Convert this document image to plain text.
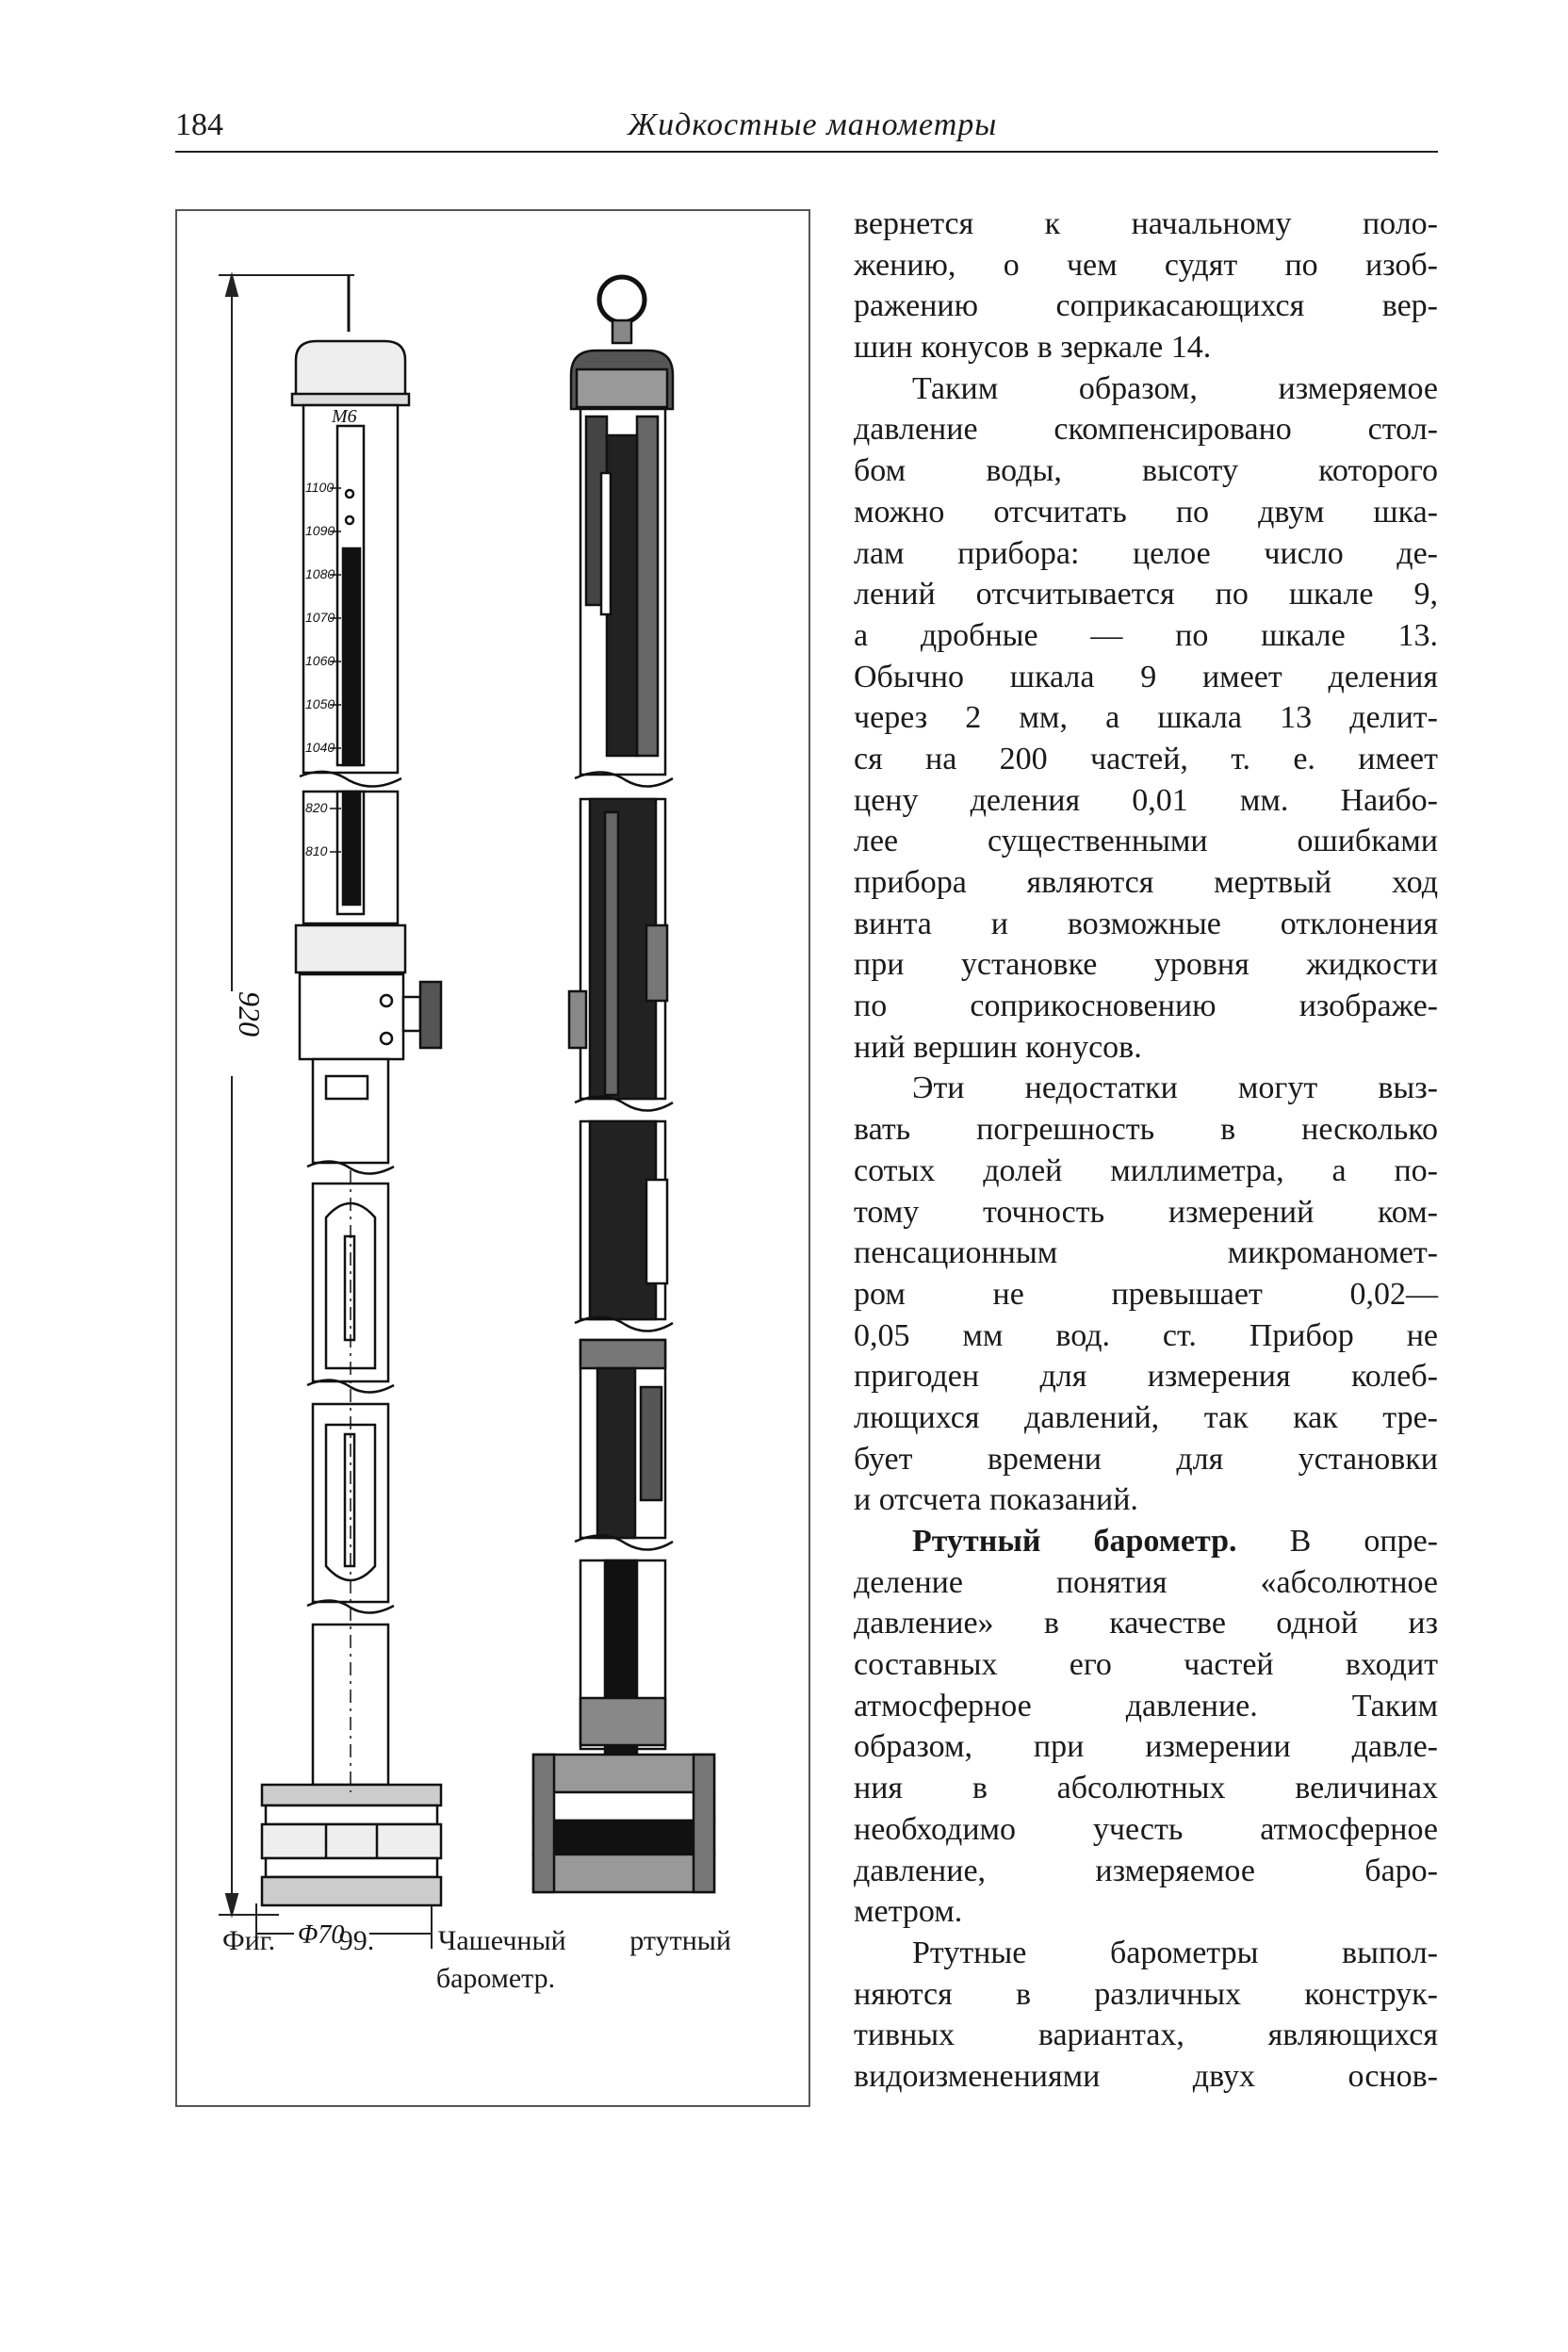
184	Жидкостные манометры
920
Φ70
М6
1100
1090
1080
1070
1060
1050
1040
820
810
Фиг. 99. Чашечный ртутный
барометр.
вернется к начальному поло-
жению, о чем судят по изоб-
ражению соприкасающихся вер-
шин конусов в зеркале 14.
Таким образом, измеряемое
давление скомпенсировано стол-
бом воды, высоту которого
можно отсчитать по двум шка-
лам прибора: целое число де-
лений отсчитывается по шкале 9,
а дробные — по шкале 13.
Обычно шкала 9 имеет деления
через 2 мм, а шкала 13 делит-
ся на 200 частей, т. е. имеет
цену деления 0,01 мм. Наибо-
лее существенными ошибками
прибора являются мертвый ход
винта и возможные отклонения
при установке уровня жидкости
по соприкосновению изображе-
ний вершин конусов.
Эти недостатки могут выз-
вать погрешность в несколько
сотых долей миллиметра, а по-
тому точность измерений ком-
пенсационным микроманомет-
ром не превышает 0,02—
0,05 мм вод. ст. Прибор не
пригоден для измерения колеб-
лющихся давлений, так как тре-
бует времени для установки
и отсчета показаний.
Ртутный барометр. В опре-
деление понятия «абсолютное
давление» в качестве одной из
составных его частей входит
атмосферное давление. Таким
образом, при измерении давле-
ния в абсолютных величинах
необходимо учесть атмосферное
давление, измеряемое баро-
метром.
Ртутные барометры выпол-
няются в различных конструк-
тивных вариантах, являющихся
видоизменениями двух основ-
